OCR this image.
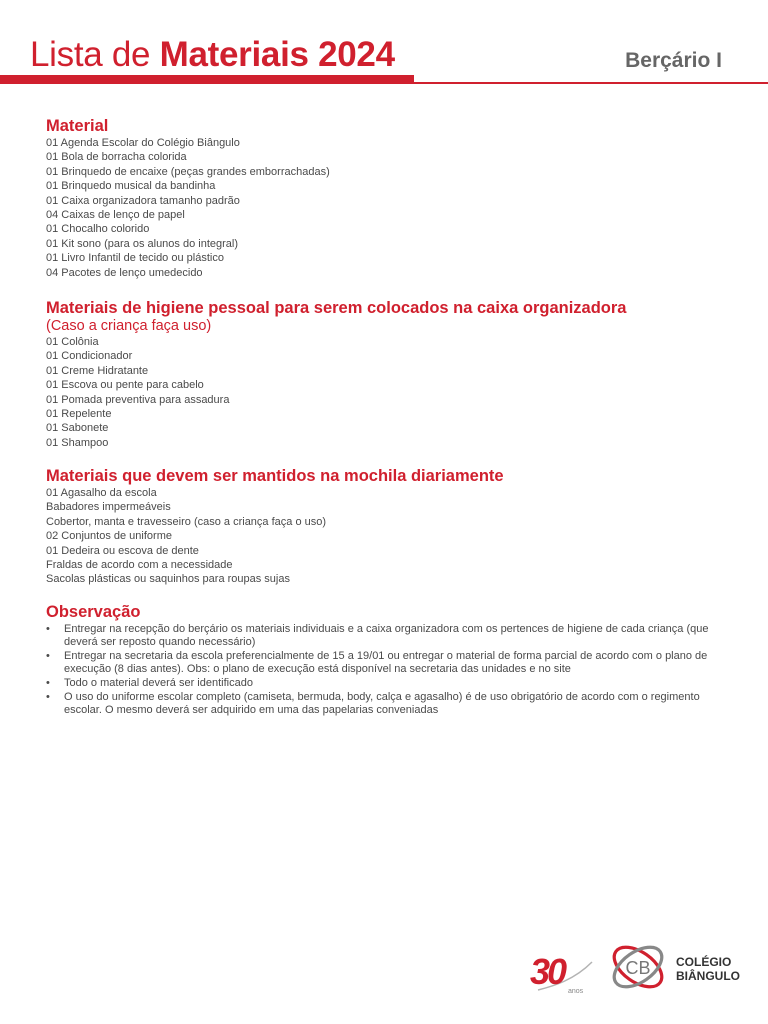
Lista de Materiais 2024	Berçário I
Material
01 Agenda Escolar do Colégio Biângulo
01 Bola de borracha colorida
01 Brinquedo de encaixe (peças grandes emborrachadas)
01 Brinquedo musical da bandinha
01 Caixa organizadora tamanho padrão
04 Caixas de lenço de papel
01 Chocalho colorido
01 Kit sono (para os alunos do integral)
01 Livro Infantil de tecido ou plástico
04 Pacotes de lenço umedecido
Materiais de higiene pessoal para serem colocados na caixa organizadora

(Caso a criança faça uso)

01 Colônia
01 Condicionador
01 Creme Hidratante
01 Escova ou pente para cabelo
01 Pomada preventiva para assadura
01 Repelente
01 Sabonete
01 Shampoo
Materiais que devem ser mantidos na mochila diariamente
01 Agasalho da escola
Babadores impermeáveis
Cobertor, manta e travesseiro (caso a criança faça o uso)
02 Conjuntos de uniforme
01 Dedeira ou escova de dente
Fraldas de acordo com a necessidade
Sacolas plásticas ou saquinhos para roupas sujas
Observação
• Entregar na recepção do berçário os materiais individuais e a caixa organizadora com os pertences de higiene de cada criança (que deverá ser reposto quando necessário)
• Entregar na secretaria da escola preferencialmente de 15 a 19/01 ou entregar o material de forma parcial de acordo com o plano de execução (8 dias antes). Obs: o plano de execução está disponível na secretaria das unidades e no site
• Todo o material deverá ser identificado
• O uso do uniforme escolar completo (camiseta, bermuda, body, calça e agasalho) é de uso obrigatório de acordo com o regimento escolar. O mesmo deverá ser adquirido em uma das papelarias conveniadas
30 anos
CB COLÉGIO
BIÂNGULO
